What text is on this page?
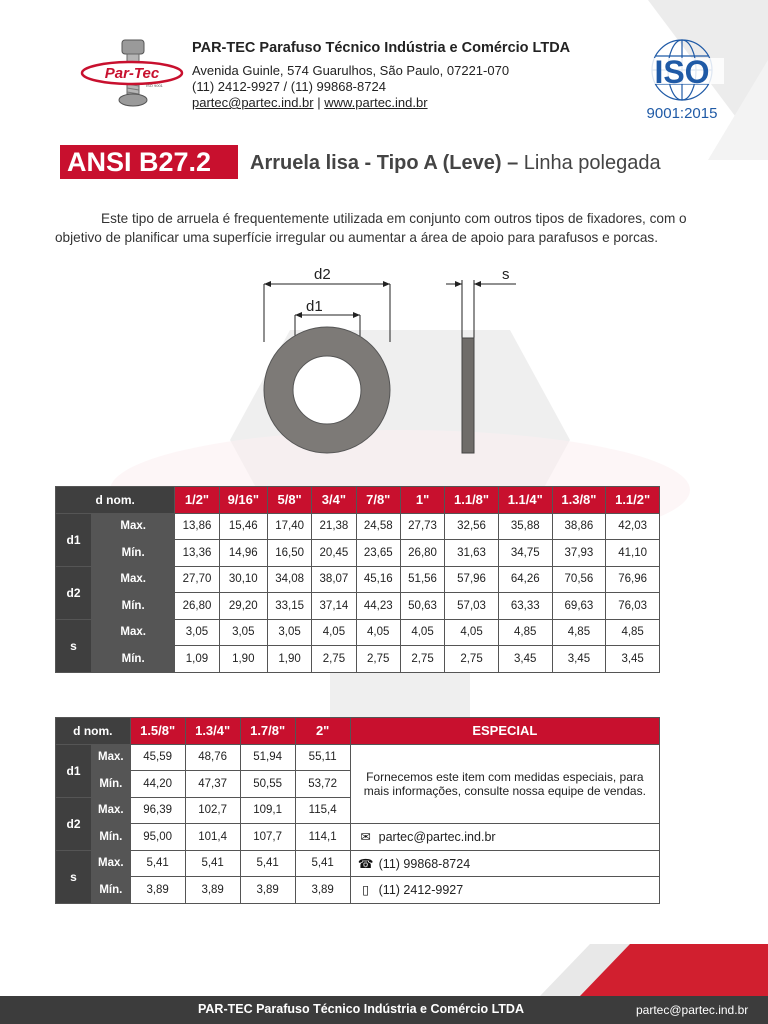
Par-Tec
ISO 9001
PAR-TEC Parafuso Técnico Indústria e Comércio LTDA
Avenida Guinle, 574 Guarulhos, São Paulo, 07221-070
(11) 2412-9927 / (11) 99868-8724
partec@partec.ind.br | www.partec.ind.br
ISO
9001:2015
ANSI B27.2	Arruela lisa - Tipo A (Leve) – Linha polegada

Este tipo de arruela é frequentemente utilizada em conjunto com outros tipos de fixadores, com o objetivo de planificar uma superfície irregular ou aumentar a área de apoio para parafusos e porcas.

d2
d1
s
d nom.		1/2"	9/16"	5/8"	3/4"	7/8"	1"	1.1/8"	1.1/4"	1.3/8"	1.1/2"
d1	Max.	13,86	15,46	17,40	21,38	24,58	27,73	32,56	35,88	38,86	42,03
	Mín.	13,36	14,96	16,50	20,45	23,65	26,80	31,63	34,75	37,93	41,10
d2	Max.	27,70	30,10	34,08	38,07	45,16	51,56	57,96	64,26	70,56	76,96
	Mín.	26,80	29,20	33,15	37,14	44,23	50,63	57,03	63,33	69,63	76,03
s	Max.	3,05	3,05	3,05	4,05	4,05	4,05	4,05	4,85	4,85	4,85
	Mín.	1,09	1,90	1,90	2,75	2,75	2,75	2,75	3,45	3,45	3,45
d nom.		1.5/8"	1.3/4"	1.7/8"	2"	ESPECIAL
d1	Max.	45,59	48,76	51,94	55,11	Fornecemos este item com medidas especiais, para mais informações, consulte nossa equipe de vendas.
	Mín.	44,20	47,37	50,55	53,72	
d2	Max.	96,39	102,7	109,1	115,4	
	Mín.	95,00	101,4	107,7	114,1	✉ partec@partec.ind.br
s	Max.	5,41	5,41	5,41	5,41	☎ (11) 99868-8724
	Mín.	3,89	3,89	3,89	3,89	▯ (11) 2412-9927
PAR-TEC Parafuso Técnico Indústria e Comércio LTDA	partec@partec.ind.br
